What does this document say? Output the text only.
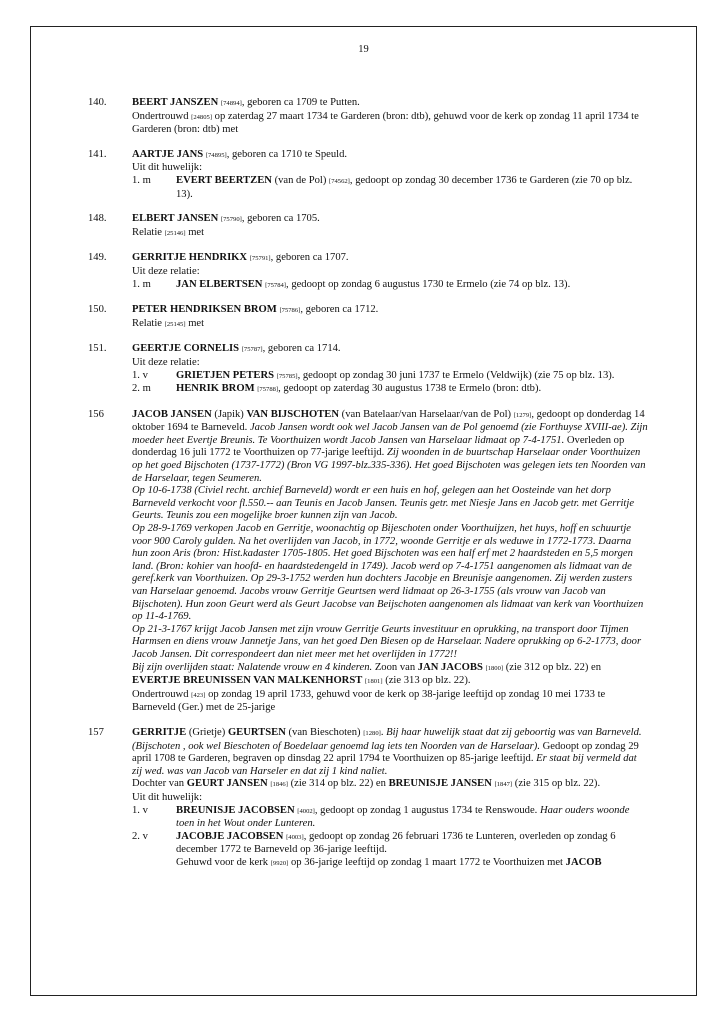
19
140.	BEERT JANSZEN [74894], geboren ca 1709 te Putten.

Ondertrouwd [24805] op zaterdag 27 maart 1734 te Garderen (bron: dtb), gehuwd voor de kerk op zondag 11 april 1734 te Garderen (bron: dtb) met

141.	AARTJE JANS [74895], geboren ca 1710 te Speuld.

Uit dit huwelijk:

1. m	EVERT BEERTZEN (van de Pol) [74562], gedoopt op zondag 30 december 1736 te Garderen (zie 70 op blz. 13).
148.	ELBERT JANSEN [75790], geboren ca 1705.

Relatie [25146] met

149.	GERRITJE HENDRIKX [75791], geboren ca 1707.

Uit deze relatie:

1. m	JAN ELBERTSEN [75784], gedoopt op zondag 6 augustus 1730 te Ermelo (zie 74 op blz. 13).
150.	PETER HENDRIKSEN BROM [75786], geboren ca 1712.

Relatie [25145] met

151.	GEERTJE CORNELIS [75787], geboren ca 1714.

Uit deze relatie:

1. v	GRIETJEN PETERS [75785], gedoopt op zondag 30 juni 1737 te Ermelo (Veldwijk) (zie 75 op blz. 13).
2. m	HENRIK BROM [75788], gedoopt op zaterdag 30 augustus 1738 te Ermelo (bron: dtb).
156	JACOB JANSEN (Japik) VAN BIJSCHOTEN (van Batelaar/van Harselaar/van de Pol) [1279], gedoopt op donderdag 14 oktober 1694 te Barneveld. Jacob Jansen wordt ook wel Jacob Jansen van de Pol genoemd (zie Forthuyse XVIII-ae). Zijn moeder heet Evertje Breunis. Te Voorthuizen wordt Jacob Jansen van Harselaar lidmaat op 7-4-1751. Overleden op donderdag 16 juli 1772 te Voorthuizen op 77-jarige leeftijd. Zij woonden in de buurtschap Harselaar onder Voorthuizen op het goed Bijschoten (1737-1772) (Bron VG 1997-blz.335-336). Het goed Bijschoten was gelegen iets ten Noorden van de Harselaar, tegen Seumeren.

Op 10-6-1738 (Civiel recht. archief Barneveld) wordt er een huis en hof, gelegen aan het Oosteinde van het dorp Barneveld verkocht voor fl.550.-- aan Teunis en Jacob Jansen. Teunis getr. met Niesje Jans en Jacob getr. met Gerritje Geurts. Teunis zou een mogelijke broer kunnen zijn van Jacob.

Op 28-9-1769 verkopen Jacob en Gerritje, woonachtig op Bijeschoten onder Voorthuijzen, het huys, hoff en schuurtje voor 900 Caroly gulden. Na het overlijden van Jacob, in 1772, woonde Gerritje er als weduwe in 1772-1773. Daarna hun zoon Aris (bron: Hist.kadaster 1705-1805. Het goed Bijschoten was een half erf met 2 haardsteden en 5,5 morgen land. (Bron: kohier van hoofd- en haardstedengeld in 1749). Jacob werd op 7-4-1751 aangenomen als lidmaat van de geref.kerk van Voorthuizen. Op 29-3-1752 werden hun dochters Jacobje en Breunisje aangenomen. Zij werden zusters van Harselaar genoemd. Jacobs vrouw Gerritje Geurtsen werd lidmaat op 26-3-1755 (als vrouw van Jacob van Bijschoten). Hun zoon Geurt werd als Geurt Jacobse van Beijschoten aangenomen als lidmaat van kerk van Voorthuizen op 11-4-1769.

Op 21-3-1767 krijgt Jacob Jansen met zijn vrouw Gerritje Geurts investituur en oprukking, na transport door Tijmen Harmsen en diens vrouw Jannetje Jans, van het goed Den Biesen op de Harselaar. Nadere oprukking op 6-2-1773, door Jacob Jansen. Dit correspondeert dan niet meer met het overlijden in 1772!!

Bij zijn overlijden staat: Nalatende vrouw en 4 kinderen. Zoon van JAN JACOBS [1800] (zie 312 op blz. 22) en EVERTJE BREUNISSEN VAN MALKENHORST [1801] (zie 313 op blz. 22).

Ondertrouwd [423] op zondag 19 april 1733, gehuwd voor de kerk op 38-jarige leeftijd op zondag 10 mei 1733 te Barneveld (Ger.) met de 25-jarige

157	GERRITJE (Grietje) GEURTSEN (van Bieschoten) [1280]. Bij haar huwelijk staat dat zij geboortig was van Barneveld. (Bijschoten , ook wel Bieschoten of Boedelaar genoemd lag iets ten Noorden van de Harselaar). Gedoopt op zondag 29 april 1708 te Garderen, begraven op dinsdag 22 april 1794 te Voorthuizen op 85-jarige leeftijd. Er staat bij vermeld dat zij wed. was van Jacob van Harseler en dat zij 1 kind naliet.

Dochter van GEURT JANSEN [1846] (zie 314 op blz. 22) en BREUNISJE JANSEN [1847] (zie 315 op blz. 22).

Uit dit huwelijk:

1. v	BREUNISJE JACOBSEN [4002], gedoopt op zondag 1 augustus 1734 te Renswoude. Haar ouders woonde toen in het Wout onder Lunteren.
2. v	JACOBJE JACOBSEN [4003], gedoopt op zondag 26 februari 1736 te Lunteren, overleden op zondag 6 december 1772 te Barneveld op 36-jarige leeftijd.
Gehuwd voor de kerk [9920] op 36-jarige leeftijd op zondag 1 maart 1772 te Voorthuizen met JACOB
